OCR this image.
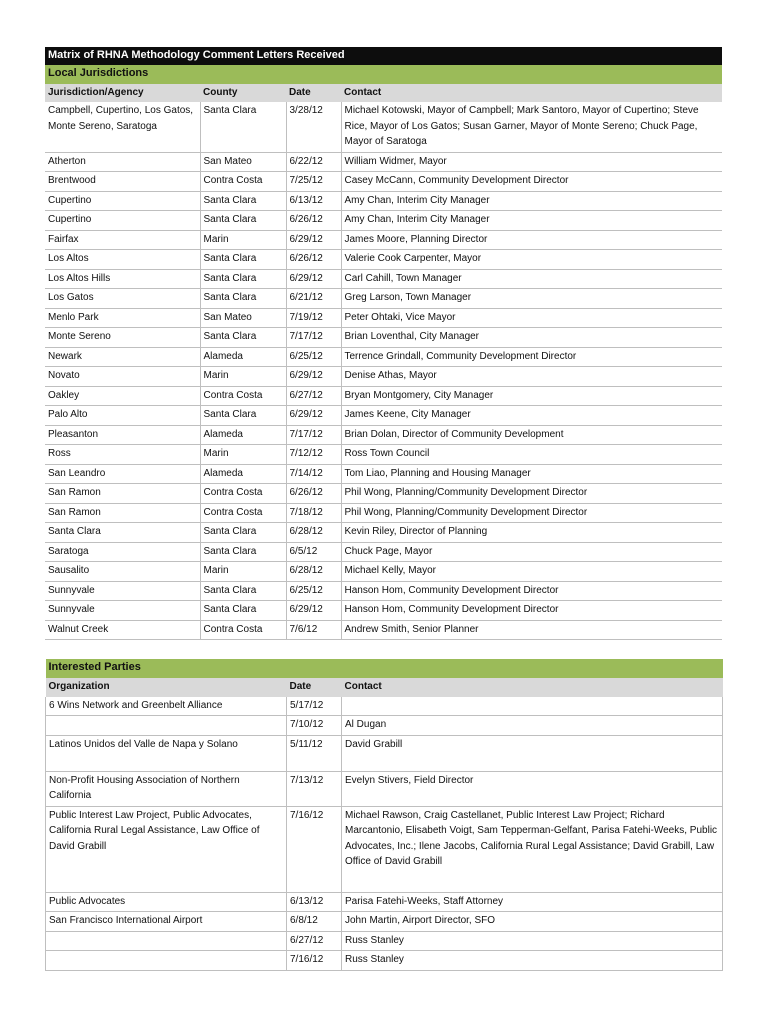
Matrix of RHNA Methodology Comment Letters Received			
Local Jurisdictions			
Jurisdiction/Agency	County	Date	Contact
Campbell, Cupertino, Los Gatos, Monte Sereno, Saratoga	Santa Clara	3/28/12	Michael Kotowski, Mayor of Campbell; Mark Santoro, Mayor of Cupertino; Steve Rice, Mayor of Los Gatos; Susan Garner, Mayor of Monte Sereno; Chuck Page, Mayor of Saratoga
Atherton	San Mateo	6/22/12	William Widmer, Mayor
Brentwood	Contra Costa	7/25/12	Casey McCann, Community Development Director
Cupertino	Santa Clara	6/13/12	Amy Chan, Interim City Manager
Cupertino	Santa Clara	6/26/12	Amy Chan, Interim City Manager
Fairfax	Marin	6/29/12	James Moore, Planning Director
Los Altos	Santa Clara	6/26/12	Valerie Cook Carpenter, Mayor
Los Altos Hills	Santa Clara	6/29/12	Carl Cahill, Town Manager
Los Gatos	Santa Clara	6/21/12	Greg Larson, Town Manager
Menlo Park	San Mateo	7/19/12	Peter Ohtaki, Vice Mayor
Monte Sereno	Santa Clara	7/17/12	Brian Loventhal, City Manager
Newark	Alameda	6/25/12	Terrence Grindall, Community Development Director
Novato	Marin	6/29/12	Denise Athas, Mayor
Oakley	Contra Costa	6/27/12	Bryan Montgomery, City Manager
Palo Alto	Santa Clara	6/29/12	James Keene, City Manager
Pleasanton	Alameda	7/17/12	Brian Dolan, Director of Community Development
Ross	Marin	7/12/12	Ross Town Council
San Leandro	Alameda	7/14/12	Tom Liao, Planning and Housing Manager
San Ramon	Contra Costa	6/26/12	Phil Wong, Planning/Community Development Director
San Ramon	Contra Costa	7/18/12	Phil Wong, Planning/Community Development Director
Santa Clara	Santa Clara	6/28/12	Kevin Riley, Director of Planning
Saratoga	Santa Clara	6/5/12	Chuck Page, Mayor
Sausalito	Marin	6/28/12	Michael Kelly, Mayor
Sunnyvale	Santa Clara	6/25/12	Hanson Hom, Community Development Director
Sunnyvale	Santa Clara	6/29/12	Hanson Hom, Community Development Director
Walnut Creek	Contra Costa	7/6/12	Andrew Smith, Senior Planner
Interested Parties		
Organization	Date	Contact
6 Wins Network and Greenbelt Alliance	5/17/12	
	7/10/12	Al Dugan
Latinos Unidos del Valle de Napa y Solano	5/11/12	David Grabill
Non-Profit Housing Association of Northern California	7/13/12	Evelyn Stivers, Field Director
Public Interest Law Project, Public Advocates, California Rural Legal Assistance, Law Office of David Grabill	7/16/12	Michael Rawson, Craig Castellanet, Public Interest Law Project; Richard Marcantonio, Elisabeth Voigt, Sam Tepperman-Gelfant, Parisa Fatehi-Weeks, Public Advocates, Inc.; Ilene Jacobs, California Rural Legal Assistance; David Grabill, Law Office of David Grabill
Public Advocates	6/13/12	Parisa Fatehi-Weeks, Staff Attorney
San Francisco International Airport	6/8/12	John Martin, Airport Director, SFO
	6/27/12	Russ Stanley
	7/16/12	Russ Stanley
